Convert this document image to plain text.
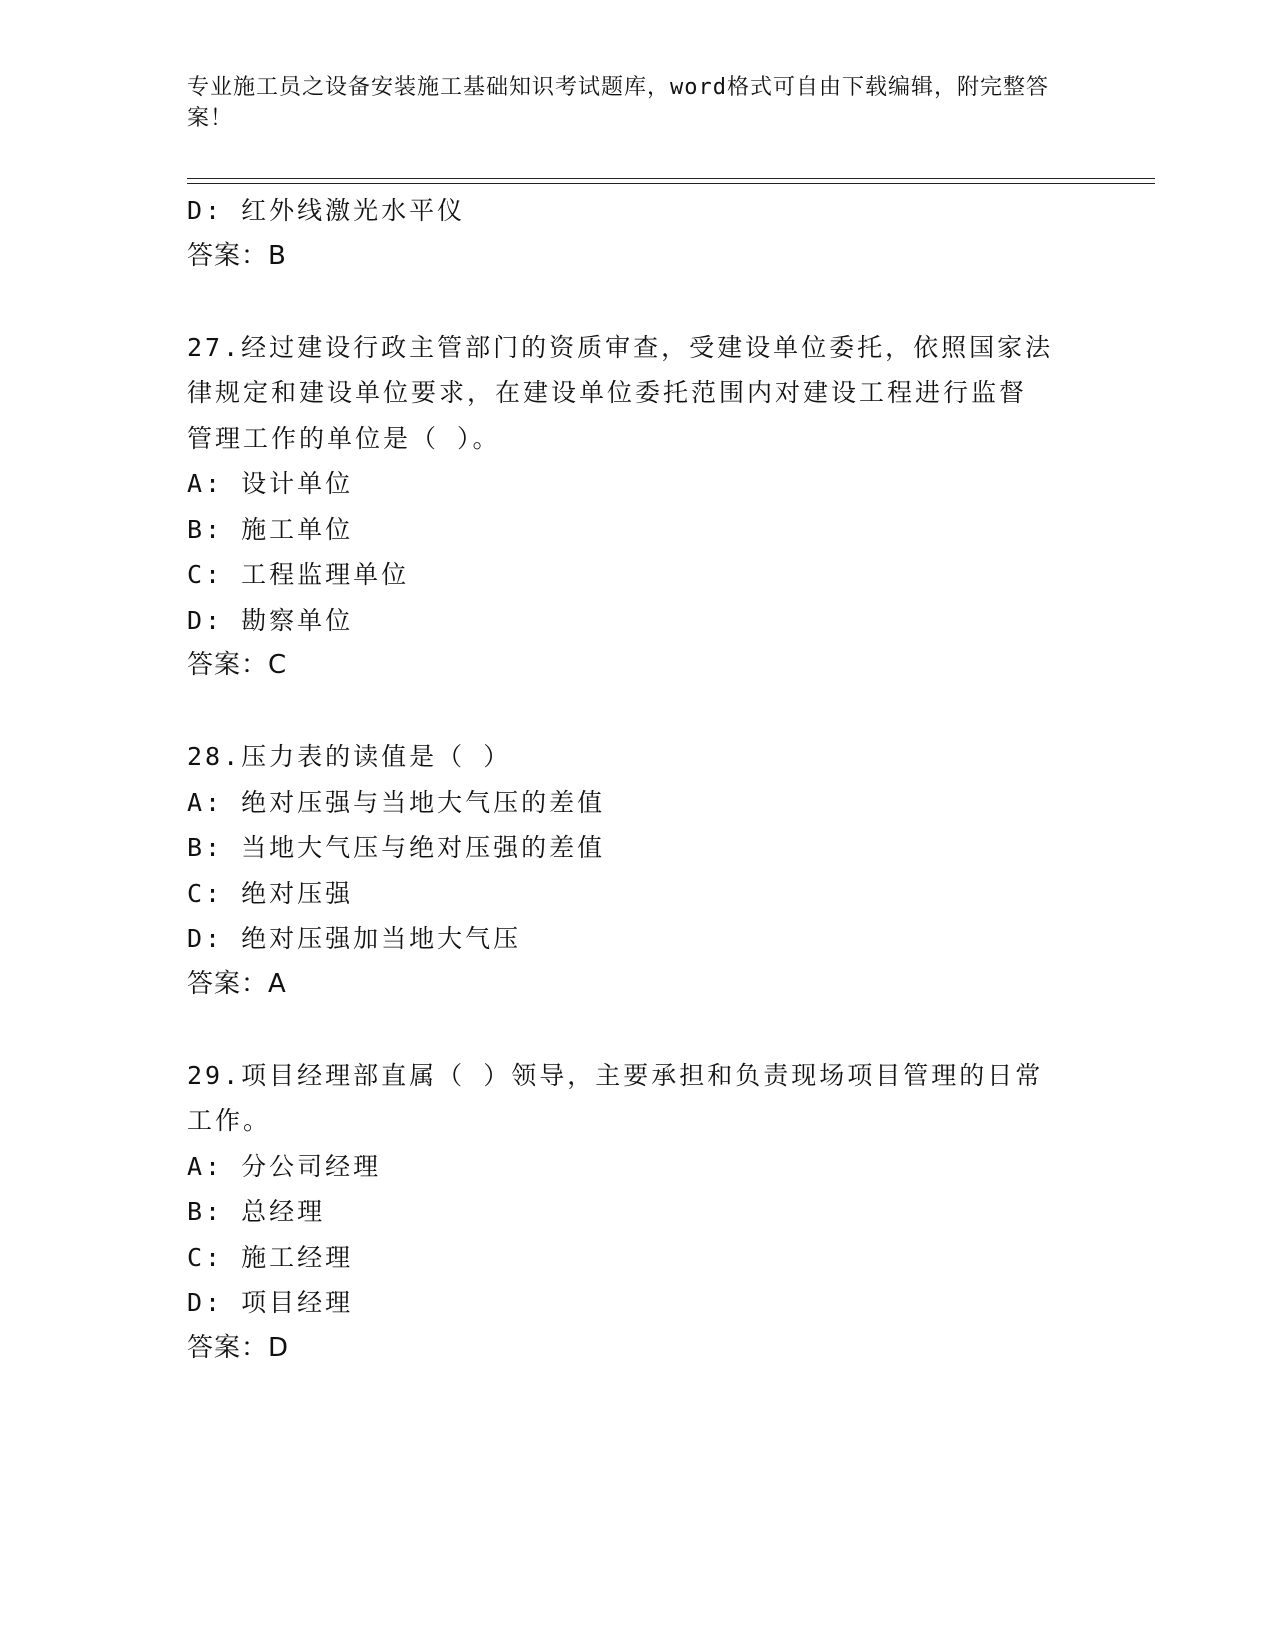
专业施工员之设备安装施工基础知识考试题库，word格式可自由下载编辑，附完整答案！
D: 红外线激光水平仪
答案：B
27.经过建设行政主管部门的资质审查，受建设单位委托，依照国家法
律规定和建设单位要求，在建设单位委托范围内对建设工程进行监督
管理工作的单位是（ ）。
A: 设计单位
B: 施工单位
C: 工程监理单位
D: 勘察单位
答案：C
28.压力表的读值是（ ）
A: 绝对压强与当地大气压的差值
B: 当地大气压与绝对压强的差值
C: 绝对压强
D: 绝对压强加当地大气压
答案：A
29.项目经理部直属（ ）领导，主要承担和负责现场项目管理的日常
工作。
A: 分公司经理
B: 总经理
C: 施工经理
D: 项目经理
答案：D
